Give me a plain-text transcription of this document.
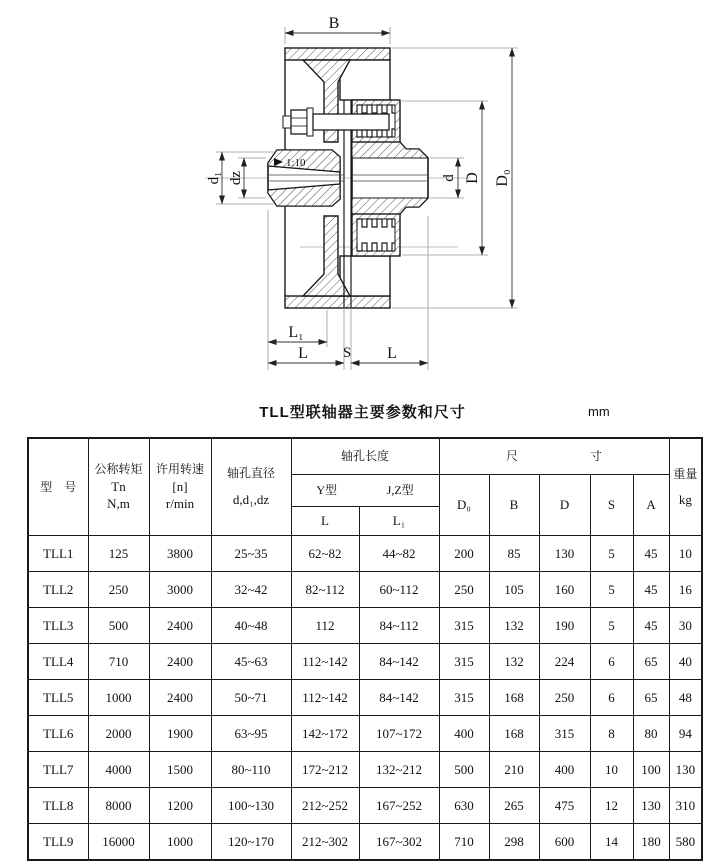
1:10
B
D₀
D
d
d₁ dz
L₁
L S L
TLL型联轴器主要参数和尺寸	mm
型　号	
公称转矩
Tn
N,m

许用转速
[n]
r/min

轴孔直径
d,d₁,dz
	轴孔长度	尺　　　　　　寸	
重量
kg

				Y型 J,Z型		D₀	B	D	S	A	
				L	L₁						
TLL1	125	3800	25~35	62~82	44~82	200	85	130	5	45	10
TLL2	250	3000	32~42	82~112	60~112	250	105	160	5	45	16
TLL3	500	2400	40~48	112	84~112	315	132	190	5	45	30
TLL4	710	2400	45~63	112~142	84~142	315	132	224	6	65	40
TLL5	1000	2400	50~71	112~142	84~142	315	168	250	6	65	48
TLL6	2000	1900	63~95	142~172	107~172	400	168	315	8	80	94
TLL7	4000	1500	80~110	172~212	132~212	500	210	400	10	100	130
TLL8	8000	1200	100~130	212~252	167~252	630	265	475	12	130	310
TLL9	16000	1000	120~170	212~302	167~302	710	298	600	14	180	580
